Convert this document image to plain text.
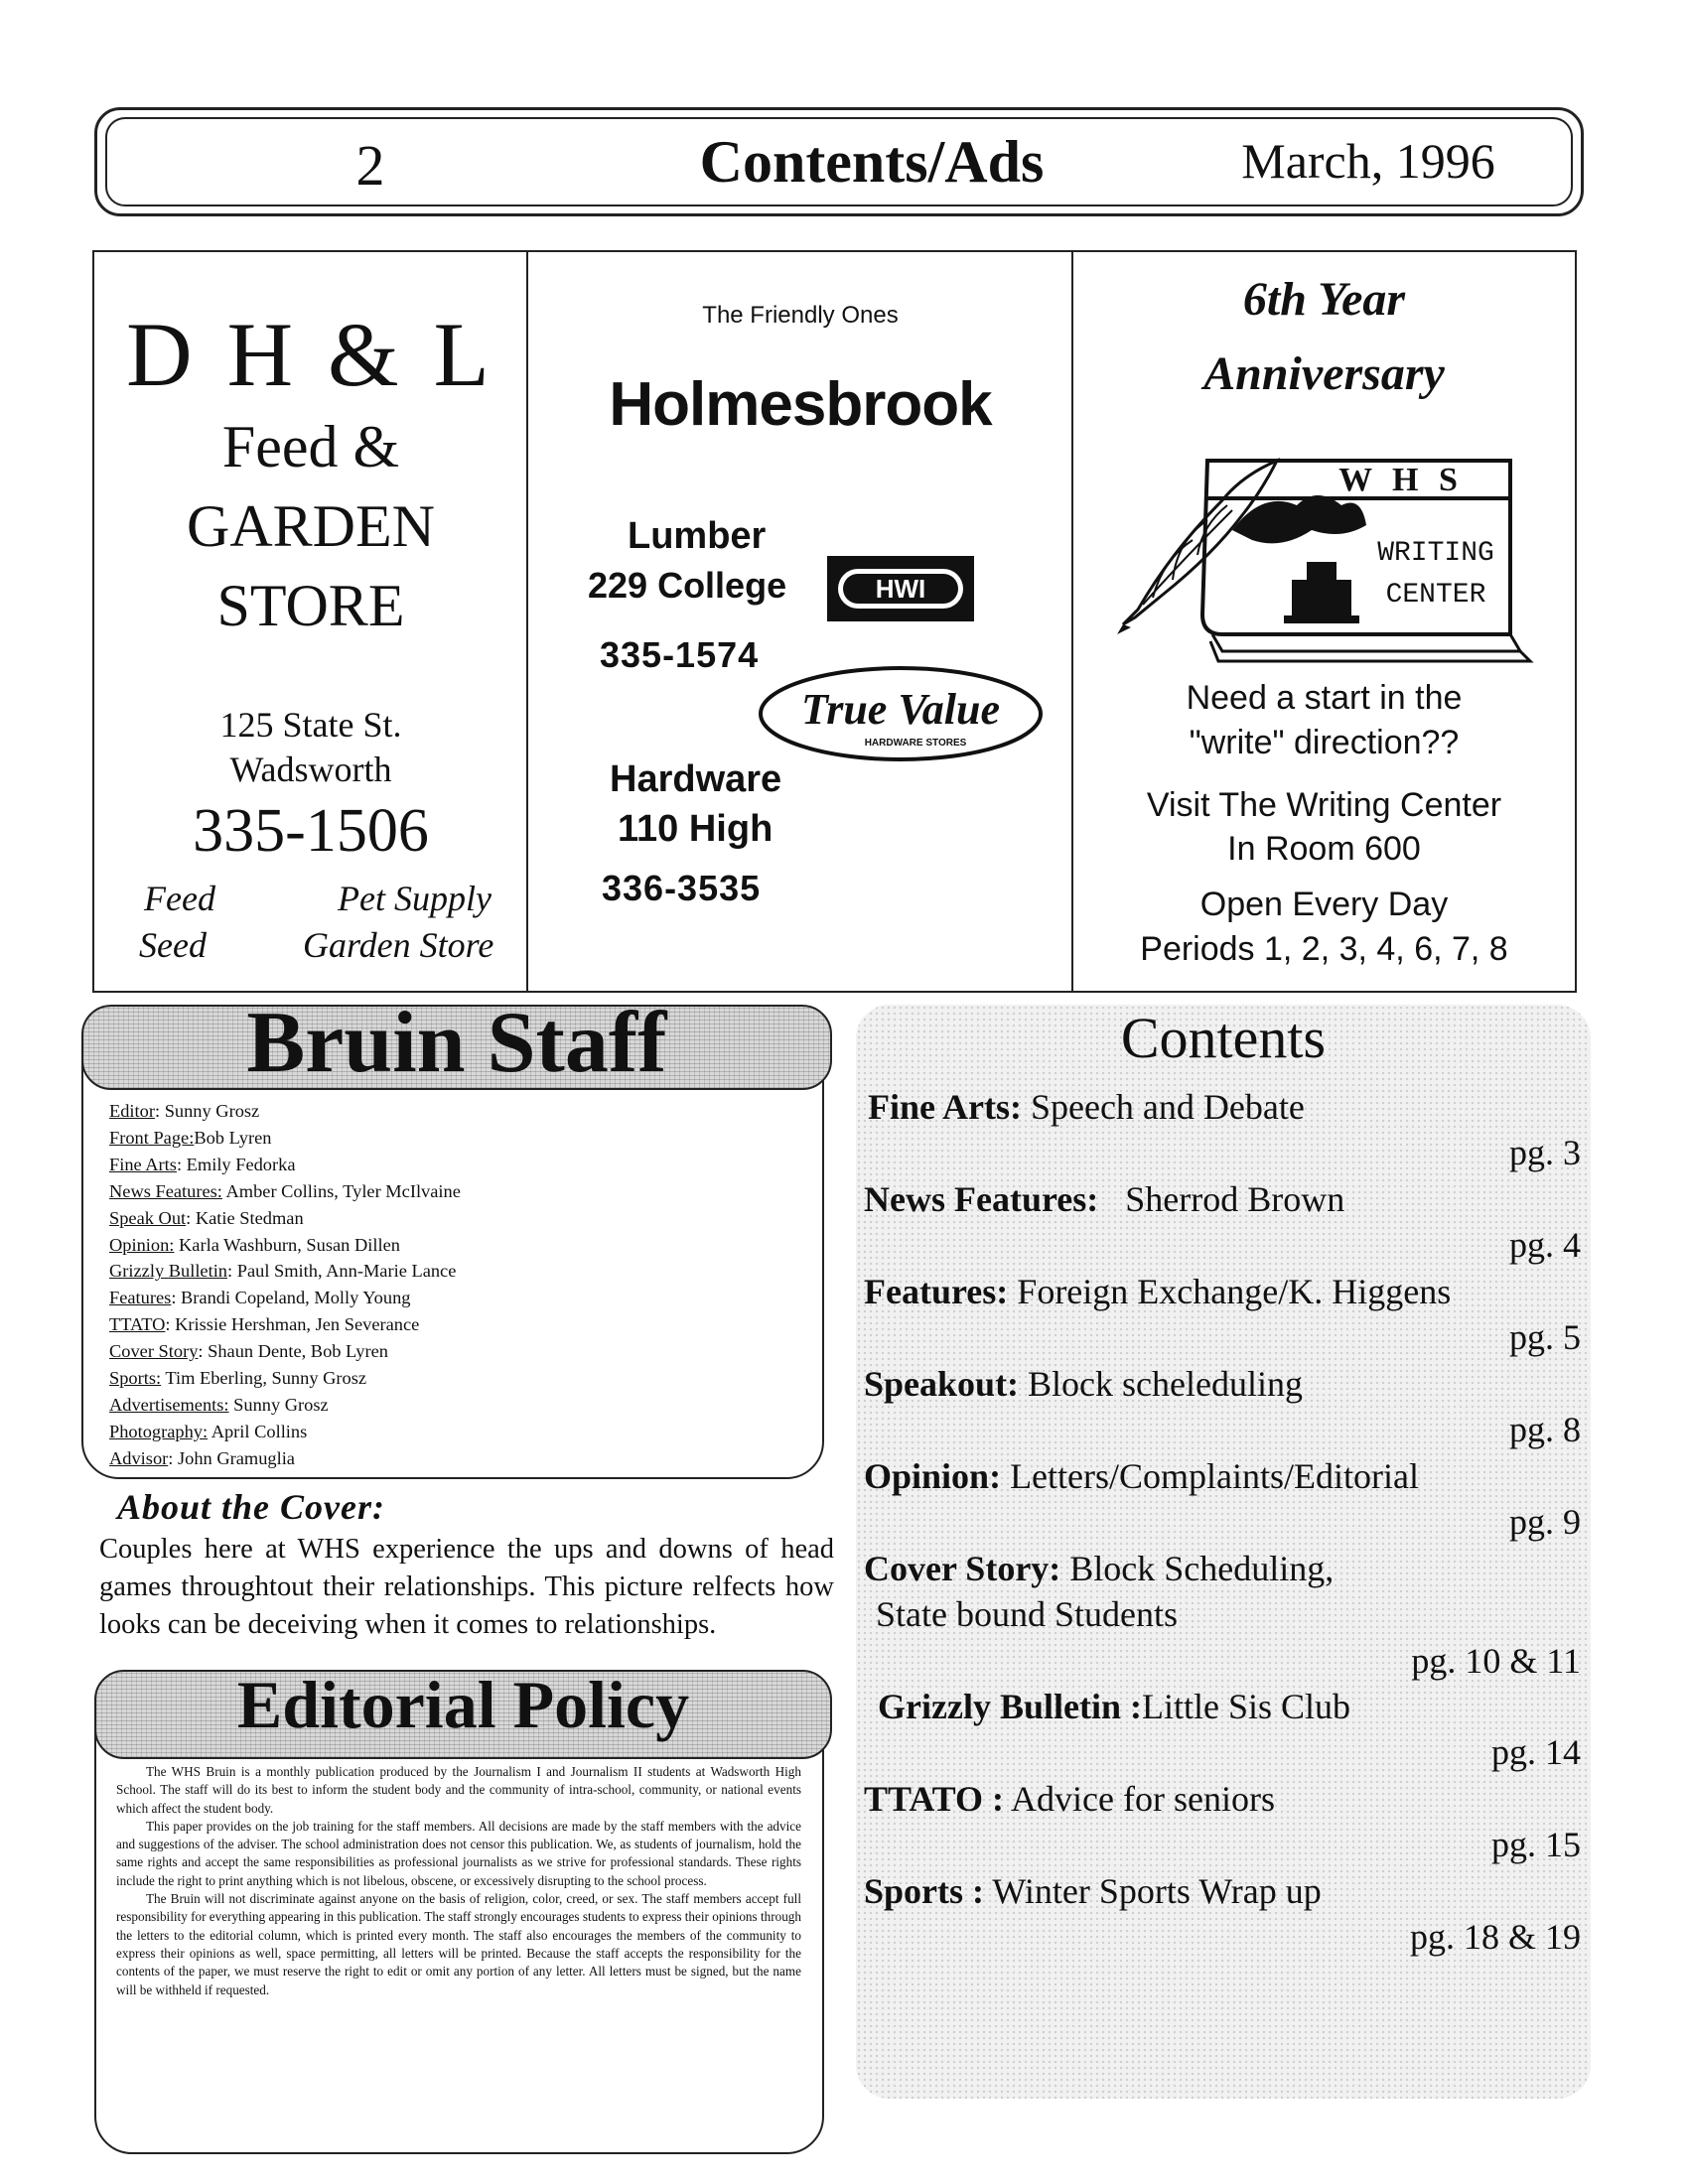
2	Contents/Ads	March, 1996
D H & L
Feed &
GARDEN
STORE
125 State St.
Wadsworth
335-1506
Feed	Pet Supply
Seed	Garden Store
The Friendly Ones
Holmesbrook
Lumber
229 College
335-1574
HWI
True Value
HARDWARE STORES
Hardware
110 High
336-3535
6th Year
Anniversary
W H S
WRITING
CENTER
Need a start in the
"write" direction??
Visit The Writing Center
In Room 600
Open Every Day
Periods 1, 2, 3, 4, 6, 7, 8
Bruin Staff
Editor: Sunny Grosz
Front Page:Bob Lyren
Fine Arts: Emily Fedorka
News Features: Amber Collins, Tyler McIlvaine
Speak Out: Katie Stedman
Opinion: Karla Washburn, Susan Dillen
Grizzly Bulletin: Paul Smith, Ann-Marie Lance
Features: Brandi Copeland, Molly Young
TTATO: Krissie Hershman, Jen Severance
Cover Story: Shaun Dente, Bob Lyren
Sports: Tim Eberling, Sunny Grosz
Advertisements: Sunny Grosz
Photography: April Collins
Advisor: John Gramuglia
About the Cover:
Couples here at WHS experience the ups and downs of head games throughtout their relationships. This picture relfects how looks can be deceiving when it comes to relationships.
Editorial Policy

The WHS Bruin is a monthly publication produced by the Journalism I and Journalism II students at Wadsworth High School. The staff will do its best to inform the student body and the community of intra-school, community, or national events which affect the student body.

This paper provides on the job training for the staff members. All decisions are made by the staff members with the advice and suggestions of the adviser. The school administration does not censor this publication. We, as students of journalism, hold the same rights and accept the same responsibilities as professional journalists as we strive for professional standards. These rights include the right to print anything which is not libelous, obscene, or excessively disrupting to the school process.

The Bruin will not discriminate against anyone on the basis of religion, color, creed, or sex. The staff members accept full responsibility for everything appearing in this publication. The staff strongly encourages students to express their opinions through the letters to the editorial column, which is printed every month. The staff also encourages the members of the community to express their opinions as well, space permitting, all letters will be printed. Because the staff accepts the responsibility for the contents of the paper, we must reserve the right to edit or omit any portion of any letter. All letters must be signed, but the name will be withheld if requested.

Contents
Fine Arts: Speech and Debate
pg. 3
News Features: Sherrod Brown
pg. 4
Features: Foreign Exchange/K. Higgens
pg. 5
Speakout: Block scheleduling
pg. 8
Opinion: Letters/Complaints/Editorial
pg. 9
Cover Story: Block Scheduling,
State bound Students
pg. 10 & 11
Grizzly Bulletin :Little Sis Club
pg. 14
TTATO : Advice for seniors
pg. 15
Sports : Winter Sports Wrap up
pg. 18 & 19
